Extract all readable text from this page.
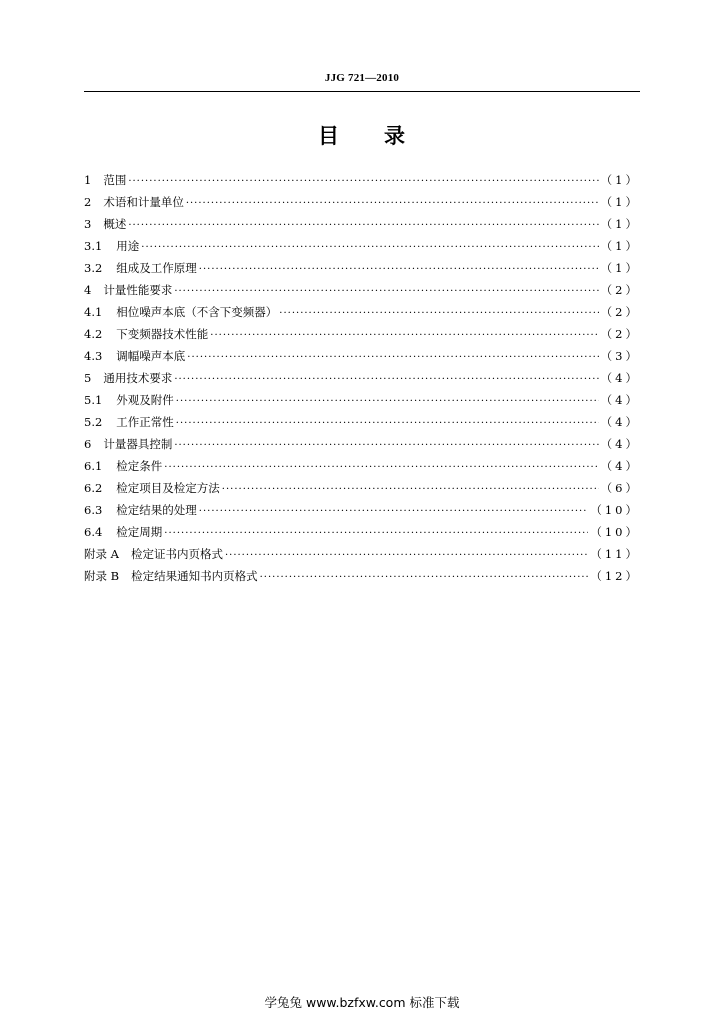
JJG 721—2010
目 录
1	范围 ·····	（1）
2	术语和计量单位 ·····	（1）
3	概述 ·····	（1）
3.1	用途 ·····	（1）
3.2	组成及工作原理 ·····	（1）
4	计量性能要求 ·····	（2）
4.1	相位噪声本底（不含下变频器） ·····	（2）
4.2	下变频器技术性能 ·····	（2）
4.3	调幅噪声本底 ·····	（3）
5	通用技术要求 ·····	（4）
5.1	外观及附件 ·····	（4）
5.2	工作正常性 ·····	（4）
6	计量器具控制 ·····	（4）
6.1	检定条件 ·····	（4）
6.2	检定项目及检定方法 ·····	（6）
6.3	检定结果的处理 ·····	（10）
6.4	检定周期 ·····	（10）
附录 A	检定证书内页格式 ·····	（11）
附录 B	检定结果通知书内页格式 ·····	（12）
学兔兔 www.bzfxw.com 标准下载
